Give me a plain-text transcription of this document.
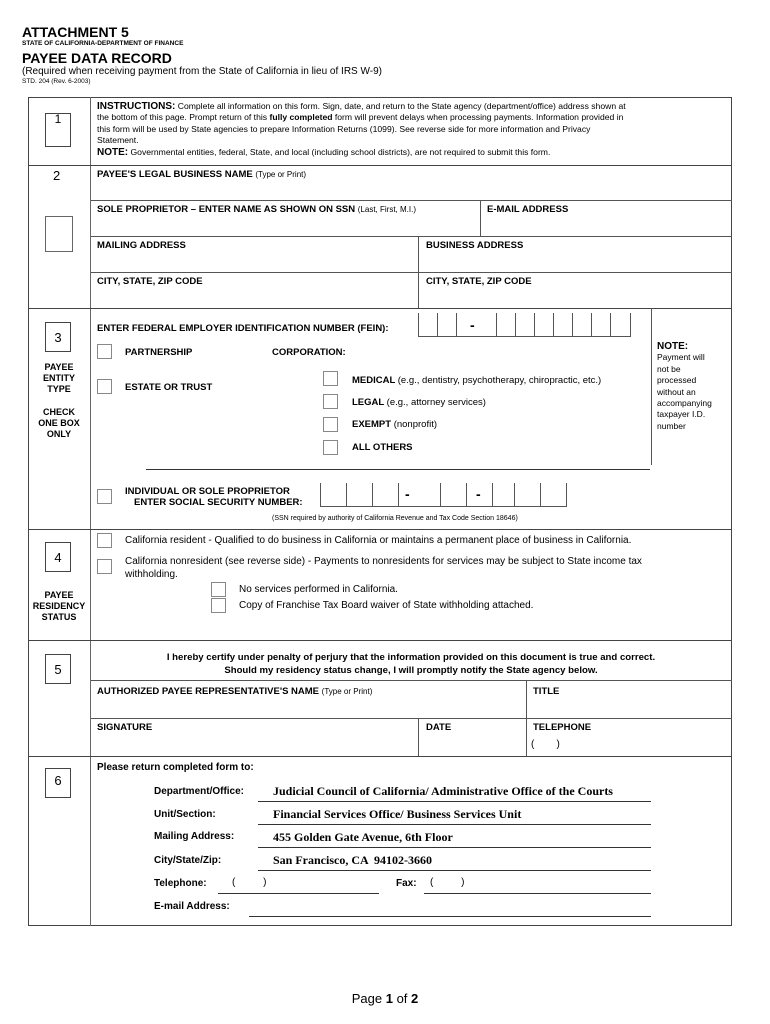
ATTACHMENT 5
STATE OF CALIFORNIA-DEPARTMENT OF FINANCE
PAYEE DATA RECORD
(Required when receiving payment from the State of California in lieu of IRS W-9)
STD. 204 (Rev. 6-2003)
1
INSTRUCTIONS: Complete all information on this form. Sign, date, and return to the State agency (department/office) address shown at
the bottom of this page. Prompt return of this fully completed form will prevent delays when processing payments. Information provided in
this form will be used by State agencies to prepare Information Returns (1099). See reverse side for more information and Privacy
Statement.
NOTE: Governmental entities, federal, State, and local (including school districts), are not required to submit this form.
2	PAYEE'S LEGAL BUSINESS NAME (Type or Print)
SOLE PROPRIETOR – ENTER NAME AS SHOWN ON SSN (Last, First, M.I.)	E-MAIL ADDRESS
MAILING ADDRESS	BUSINESS ADDRESS
CITY, STATE, ZIP CODE	CITY, STATE, ZIP CODE
3
PAYEE
ENTITY
TYPE
CHECK
ONE BOX
ONLY
NOTE:
Payment will
not be
processed
without an
accompanying
taxpayer I.D.
number
ENTER FEDERAL EMPLOYER IDENTIFICATION NUMBER (FEIN):	-
PARTNERSHIP	CORPORATION:
ESTATE OR TRUST
MEDICAL (e.g., dentistry, psychotherapy, chiropractic, etc.)
LEGAL (e.g., attorney services)
EXEMPT (nonprofit)
ALL OTHERS
INDIVIDUAL OR SOLE PROPRIETOR
ENTER SOCIAL SECURITY NUMBER:
-	-
(SSN required by authority of California Revenue and Tax Code Section 18646)
4
PAYEE
RESIDENCY
STATUS
California resident - Qualified to do business in California or maintains a permanent place of business in California.
California nonresident (see reverse side) - Payments to nonresidents for services may be subject to State income tax
withholding.
No services performed in California.
Copy of Franchise Tax Board waiver of State withholding attached.
5
I hereby certify under penalty of perjury that the information provided on this document is true and correct.
Should my residency status change, I will promptly notify the State agency below.
AUTHORIZED PAYEE REPRESENTATIVE'S NAME (Type or Print)	TITLE
SIGNATURE	DATE	TELEPHONE
(        )
6
Please return completed form to:
Department/Office: Judicial Council of California/ Administrative Office of the Courts
Unit/Section:	Financial Services Office/ Business Services Unit
Mailing Address:	455 Golden Gate Avenue, 6th Floor
City/State/Zip:	San Francisco, CA  94102-3660
Telephone:	(          )	Fax: (          )
E-mail Address:
Page 1 of 2
